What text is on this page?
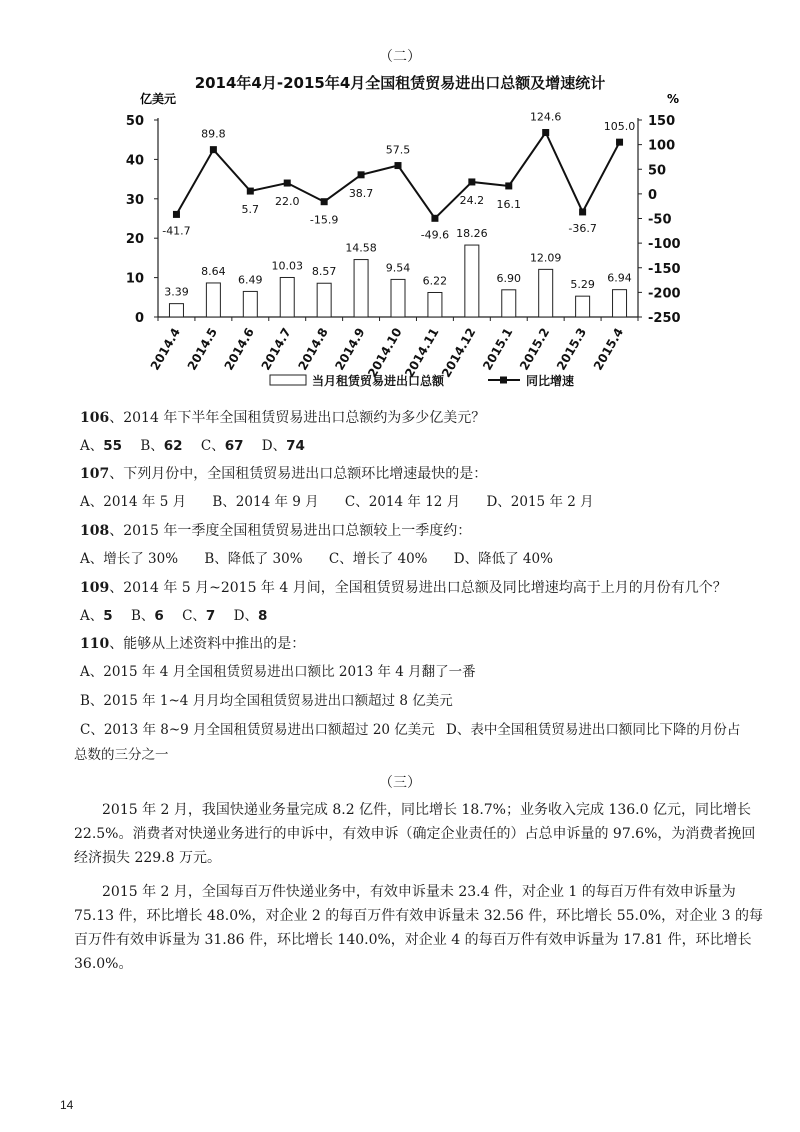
（二）
2014年4月-2015年4月全国租赁贸易进出口总额及增速统计
亿美元	%
0
10
20
30
40
50
-250
-200
-150
-100
-50
0
50
100
150
2014.4 2014.5 2014.6 2014.7 2014.8 2014.9
2014.10
2014.11
2014.12 2015.1 2015.2 2015.3 2015.4
3.39
8.64
6.49
10.03 8.57
14.58
9.54
6.22
18.26
6.90
12.09
5.29
6.94
-41.7
89.8
5.7
22.0
-15.9
38.7
57.5
-49.6
24.2 16.1
124.6
-36.7
105.0
当月租赁贸易进出口总额	同比增速
106、2014 年下半年全国租赁贸易进出口总额约为多少亿美元？
A、55 B、62 C、67 D、74
107、下列月份中，全国租赁贸易进出口总额环比增速最快的是：
A、2014 年 5 月 B、2014 年 9 月 C、2014 年 12 月 D、2015 年 2 月
108、2015 年一季度全国租赁贸易进出口总额较上一季度约：
A、增长了 30% B、降低了 30% C、增长了 40% D、降低了 40%
109、2014 年 5 月~2015 年 4 月间，全国租赁贸易进出口总额及同比增速均高于上月的月份有几个？
A、5 B、6 C、7 D、8
110、能够从上述资料中推出的是：
A、2015 年 4 月全国租赁贸易进出口额比 2013 年 4 月翻了一番
B、2015 年 1~4 月月均全国租赁贸易进出口额超过 8 亿美元
C、2013 年 8~9 月全国租赁贸易进出口额超过 20 亿美元 D、表中全国租赁贸易进出口额同比下降的月份占
总数的三分之一
（三）
2015 年 2 月，我国快递业务量完成 8.2 亿件，同比增长 18.7%；业务收入完成 136.0 亿元，同比增长 22.5%。消费者对快递业务进行的申诉中，有效申诉（确定企业责任的）占总申诉量的 97.6%，为消费者挽回经济损失 229.8 万元。
2015 年 2 月，全国每百万件快递业务中，有效申诉量未 23.4 件，对企业 1 的每百万件有效申诉量为 75.13 件，环比增长 48.0%，对企业 2 的每百万件有效申诉量未 32.56 件，环比增长 55.0%，对企业 3 的每百万件有效申诉量为 31.86 件，环比增长 140.0%，对企业 4 的每百万件有效申诉量为 17.81 件，环比增长 36.0%。
14
